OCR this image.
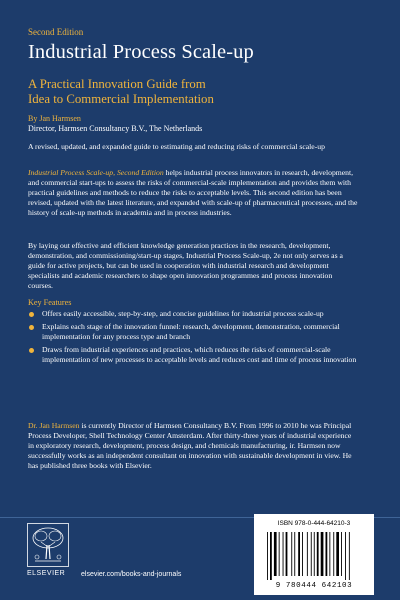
Second Edition
Industrial Process Scale-up
A Practical Innovation Guide from
Idea to Commercial Implementation
By Jan Harmsen
Director, Harmsen Consultancy B.V., The Netherlands

A revised, updated, and expanded guide to estimating and reducing risks of commercial scale-up

Industrial Process Scale-up, Second Edition helps industrial process innovators in research, development, and commercial start-ups to assess the risks of commercial-scale implementation and provides them with practical guidelines and methods to reduce the risks to acceptable levels. This second edition has been revised, updated with the latest literature, and expanded with scale-up of pharmaceutical processes, and the history of scale-up methods in academia and in process industries.

By laying out effective and efficient knowledge generation practices in the research, development, demonstration, and commissioning/start-up stages, Industrial Process Scale-up, 2e not only serves as a guide for active projects, but can be used in cooperation with industrial research and development specialists and academic researchers to shape open innovation programmes and process innovation courses.

Key Features
Offers easily accessible, step-by-step, and concise guidelines for industrial process scale-up
Explains each stage of the innovation funnel: research, development, demonstration, commercial implementation for any process type and branch
Draws from industrial experiences and practices, which reduces the risks of commercial-scale implementation of new processes to acceptable levels and reduces cost and time of process innovation

Dr. Jan Harmsen is currently Director of Harmsen Consultancy B.V. From 1996 to 2010 he was Principal Process Developer, Shell Technology Center Amsterdam. After thirty-three years of industrial experience in exploratory research, development, process design, and chemicals manufacturing, ir. Harmsen now successfully works as an independent consultant on innovation with sustainable development in view. He has published three books with Elsevier.

ELSEVIER elsevier.com/books-and-journals
ISBN 978-0-444-64210-3
9 780444 642103
